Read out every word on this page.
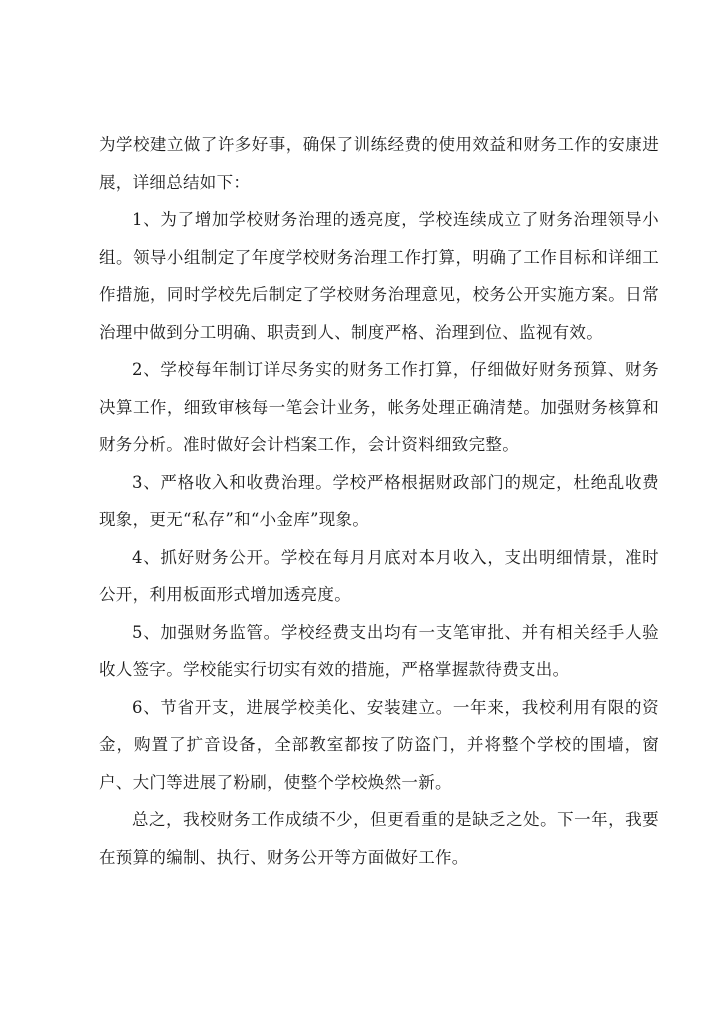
为学校建立做了许多好事，确保了训练经费的使用效益和财务工作的安康进展，详细总结如下：

1、为了增加学校财务治理的透亮度，学校连续成立了财务治理领导小组。领导小组制定了年度学校财务治理工作打算，明确了工作目标和详细工作措施，同时学校先后制定了学校财务治理意见，校务公开实施方案。日常治理中做到分工明确、职责到人、制度严格、治理到位、监视有效。

2、学校每年制订详尽务实的财务工作打算，仔细做好财务预算、财务决算工作，细致审核每一笔会计业务，帐务处理正确清楚。加强财务核算和财务分析。准时做好会计档案工作，会计资料细致完整。

3、严格收入和收费治理。学校严格根据财政部门的规定，杜绝乱收费现象，更无“私存”和“小金库”现象。

4、抓好财务公开。学校在每月月底对本月收入，支出明细情景，准时公开，利用板面形式增加透亮度。

5、加强财务监管。学校经费支出均有一支笔审批、并有相关经手人验收人签字。学校能实行切实有效的措施，严格掌握款待费支出。

6、节省开支，进展学校美化、安装建立。一年来，我校利用有限的资金，购置了扩音设备，全部教室都按了防盗门，并将整个学校的围墙，窗户、大门等进展了粉刷，使整个学校焕然一新。

总之，我校财务工作成绩不少，但更看重的是缺乏之处。下一年，我要在预算的编制、执行、财务公开等方面做好工作。
